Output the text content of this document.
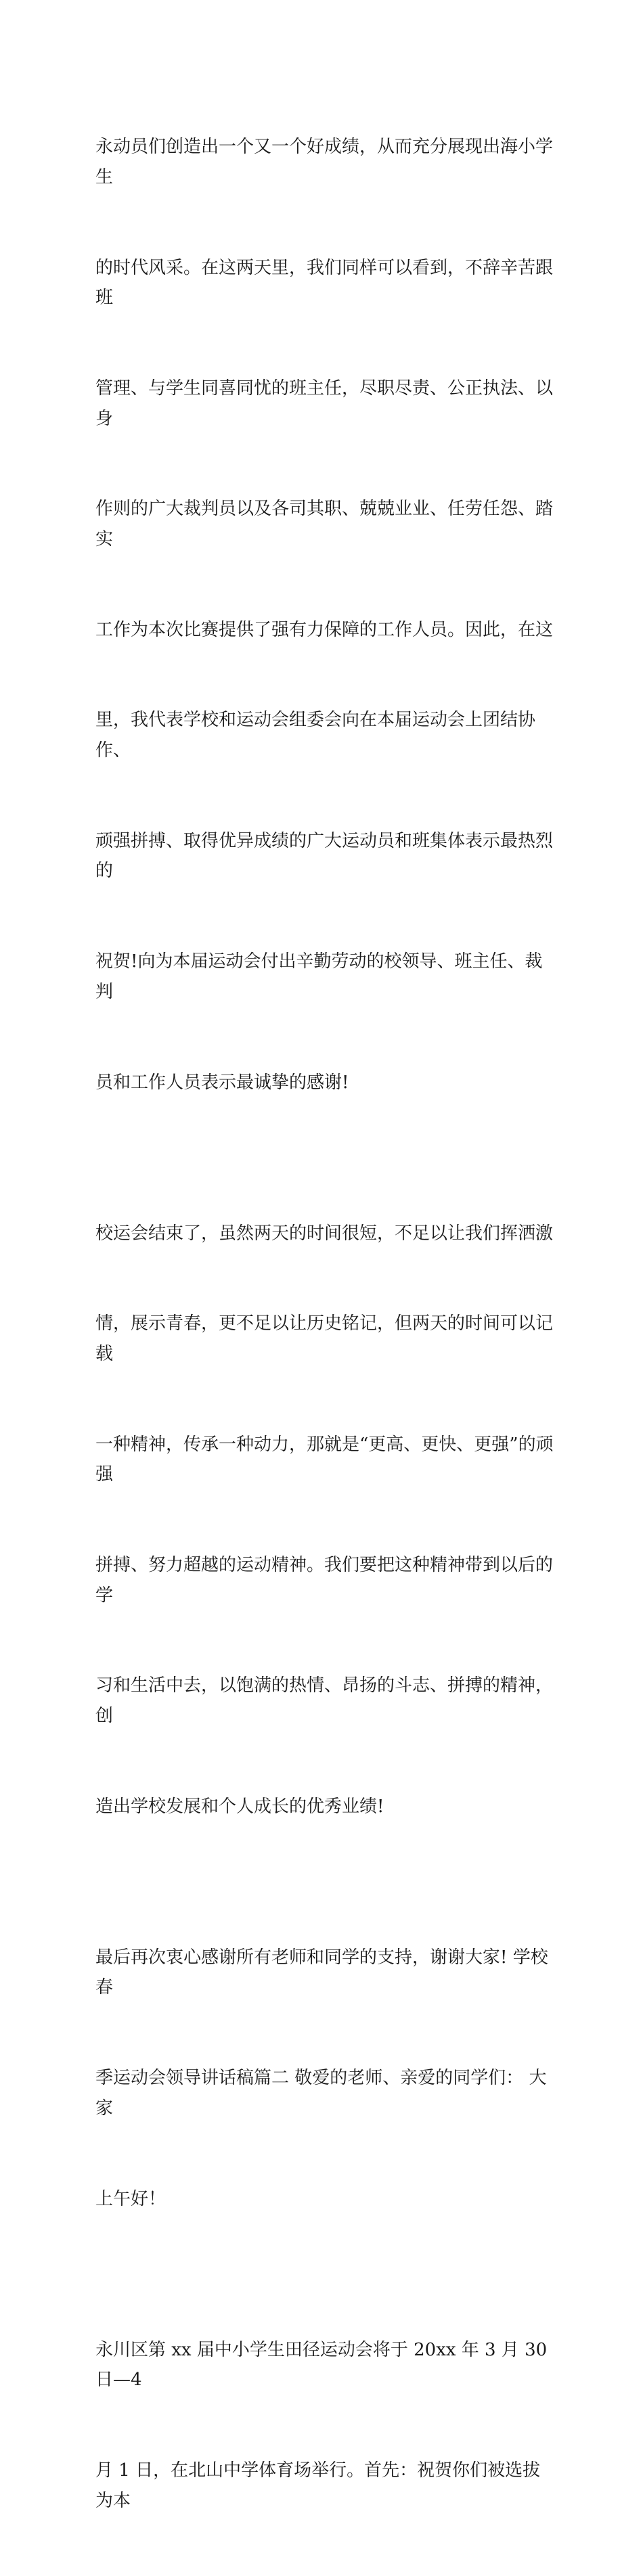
永动员们创造出一个又一个好成绩，从而充分展现出海小学生

的时代风采。在这两天里，我们同样可以看到，不辞辛苦跟班

管理、与学生同喜同忧的班主任，尽职尽责、公正执法、以身

作则的广大裁判员以及各司其职、兢兢业业、任劳任怨、踏实

工作为本次比赛提供了强有力保障的工作人员。因此，在这

里，我代表学校和运动会组委会向在本届运动会上团结协作、

顽强拼搏、取得优异成绩的广大运动员和班集体表示最热烈的

祝贺!向为本届运动会付出辛勤劳动的校领导、班主任、裁判

员和工作人员表示最诚挚的感谢!

校运会结束了，虽然两天的时间很短，不足以让我们挥洒激

情，展示青春，更不足以让历史铭记，但两天的时间可以记载

一种精神，传承一种动力，那就是“更高、更快、更强”的顽强

拼搏、努力超越的运动精神。我们要把这种精神带到以后的学

习和生活中去，以饱满的热情、昂扬的斗志、拼搏的精神，创

造出学校发展和个人成长的优秀业绩!

最后再次衷心感谢所有老师和同学的支持，谢谢大家! 学校春

季运动会领导讲话稿篇二 敬爱的老师、亲爱的同学们： 大家

上午好！

永川区第 xx 届中小学生田径运动会将于 20xx 年 3 月 30 日—4

月 1 日，在北山中学体育场举行。首先：祝贺你们被选拔为本
